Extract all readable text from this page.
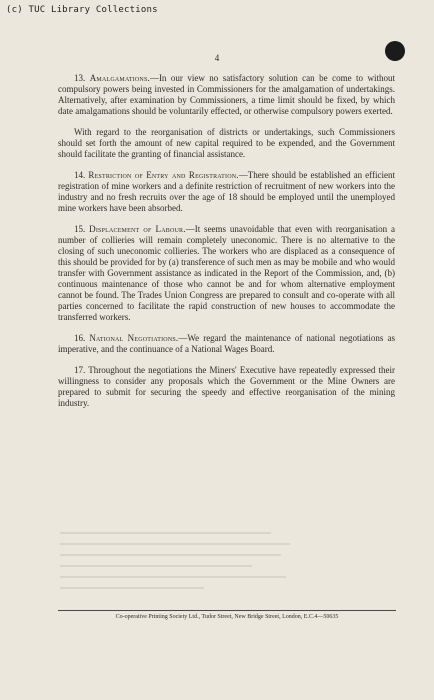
(c) TUC Library Collections
4

13. Amalgamations.—In our view no satisfactory solution can be come to without compulsory powers being invested in Commissioners for the amalgamation of undertakings. Alternatively, after examination by Commissioners, a time limit should be fixed, by which date amalgamations should be voluntarily effected, or otherwise compulsory powers exerted.

With regard to the reorganisation of districts or undertakings, such Commissioners should set forth the amount of new capital required to be expended, and the Government should facilitate the granting of financial assistance.

14. Restriction of Entry and Registration.—There should be established an efficient registration of mine workers and a definite restriction of recruitment of new workers into the industry and no fresh recruits over the age of 18 should be employed until the unemployed mine workers have been absorbed.

15. Displacement of Labour.—It seems unavoidable that even with reorganisation a number of collieries will remain completely uneconomic. There is no alternative to the closing of such uneconomic collieries. The workers who are displaced as a consequence of this should be provided for by (a) transference of such men as may be mobile and who would transfer with Government assistance as indicated in the Report of the Commission, and, (b) continuous maintenance of those who cannot be and for whom alternative employment cannot be found. The Trades Union Congress are prepared to consult and co-operate with all parties concerned to facilitate the rapid construction of new houses to accommodate the transferred workers.

16. National Negotiations.—We regard the maintenance of national negotiations as imperative, and the continuance of a National Wages Board.

17. Throughout the negotiations the Miners' Executive have repeatedly expressed their willingness to consider any proposals which the Government or the Mine Owners are prepared to submit for securing the speedy and effective reorganisation of the mining industry.

Co-operative Printing Society Ltd., Tudor Street, New Bridge Street, London, E.C.4—50635
